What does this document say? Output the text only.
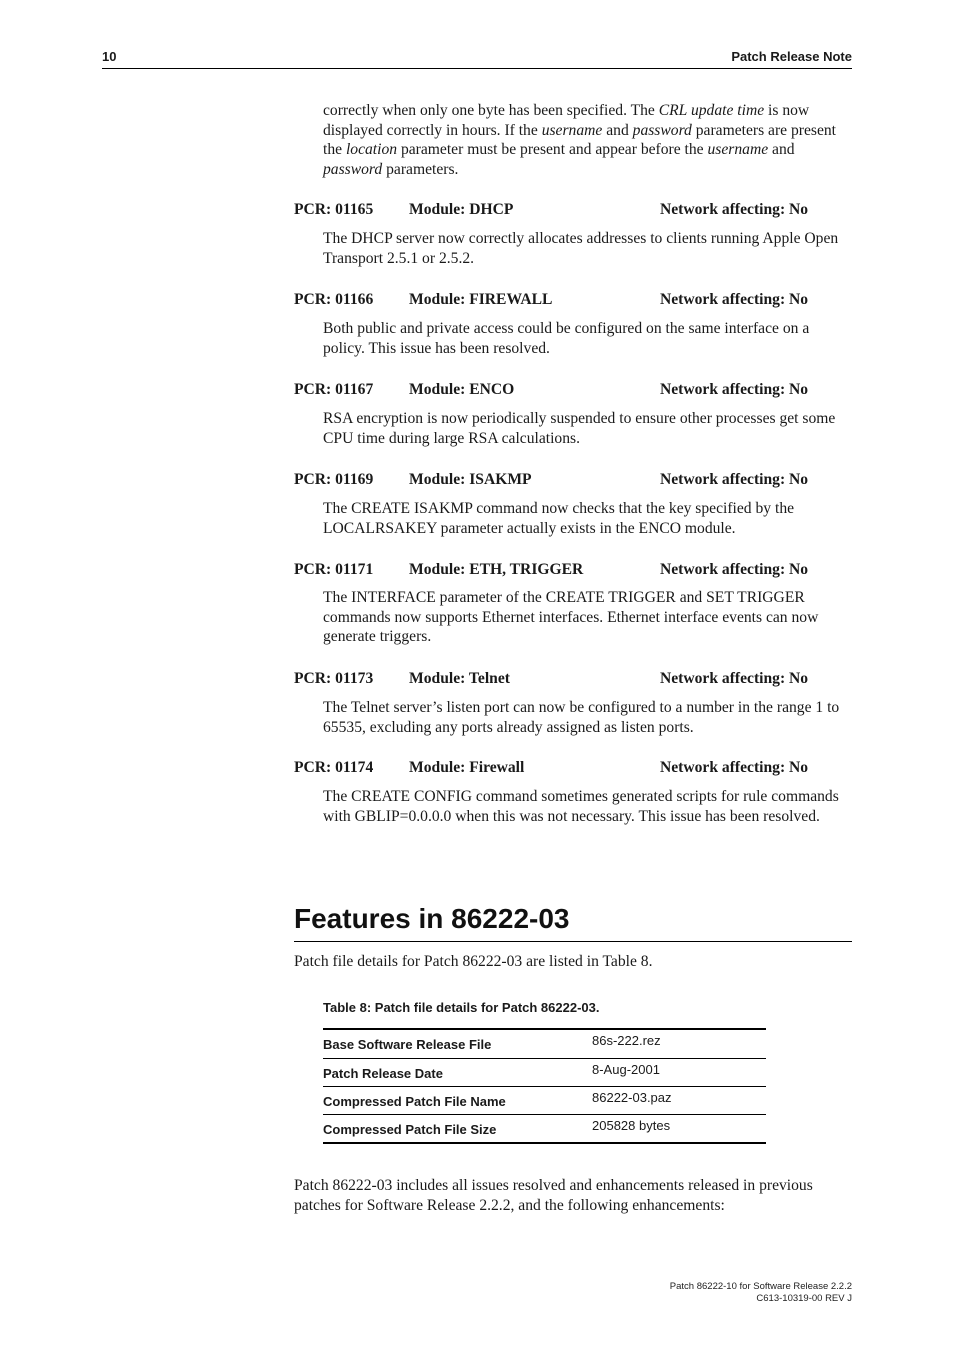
10	Patch Release Note

correctly when only one byte has been specified. The CRL update time is now displayed correctly in hours. If the username and password parameters are present the location parameter must be present and appear before the username and password parameters.

PCR: 01165 Module: DHCP	Network affecting: No

The DHCP server now correctly allocates addresses to clients running Apple Open Transport 2.5.1 or 2.5.2.

PCR: 01166 Module: FIREWALL	Network affecting: No

Both public and private access could be configured on the same interface on a policy. This issue has been resolved.

PCR: 01167 Module: ENCO	Network affecting: No

RSA encryption is now periodically suspended to ensure other processes get some CPU time during large RSA calculations.

PCR: 01169 Module: ISAKMP	Network affecting: No

The CREATE ISAKMP command now checks that the key specified by the LOCALRSAKEY parameter actually exists in the ENCO module.

PCR: 01171 Module: ETH, TRIGGER	Network affecting: No

The INTERFACE parameter of the CREATE TRIGGER and SET TRIGGER commands now supports Ethernet interfaces. Ethernet interface events can now generate triggers.

PCR: 01173 Module: Telnet	Network affecting: No

The Telnet server’s listen port can now be configured to a number in the range 1 to 65535, excluding any ports already assigned as listen ports.

PCR: 01174 Module: Firewall	Network affecting: No

The CREATE CONFIG command sometimes generated scripts for rule commands with GBLIP=0.0.0.0 when this was not necessary. This issue has been resolved.

Features in 86222-03

Patch file details for Patch 86222-03 are listed in Table 8.

Table 8: Patch file details for Patch 86222-03.
Base Software Release File	86s-222.rez
Patch Release Date	8-Aug-2001
Compressed Patch File Name	86222-03.paz
Compressed Patch File Size	205828 bytes

Patch 86222-03 includes all issues resolved and enhancements released in previous patches for Software Release 2.2.2, and the following enhancements:

Patch 86222-10 for Software Release 2.2.2
C613-10319-00 REV J
